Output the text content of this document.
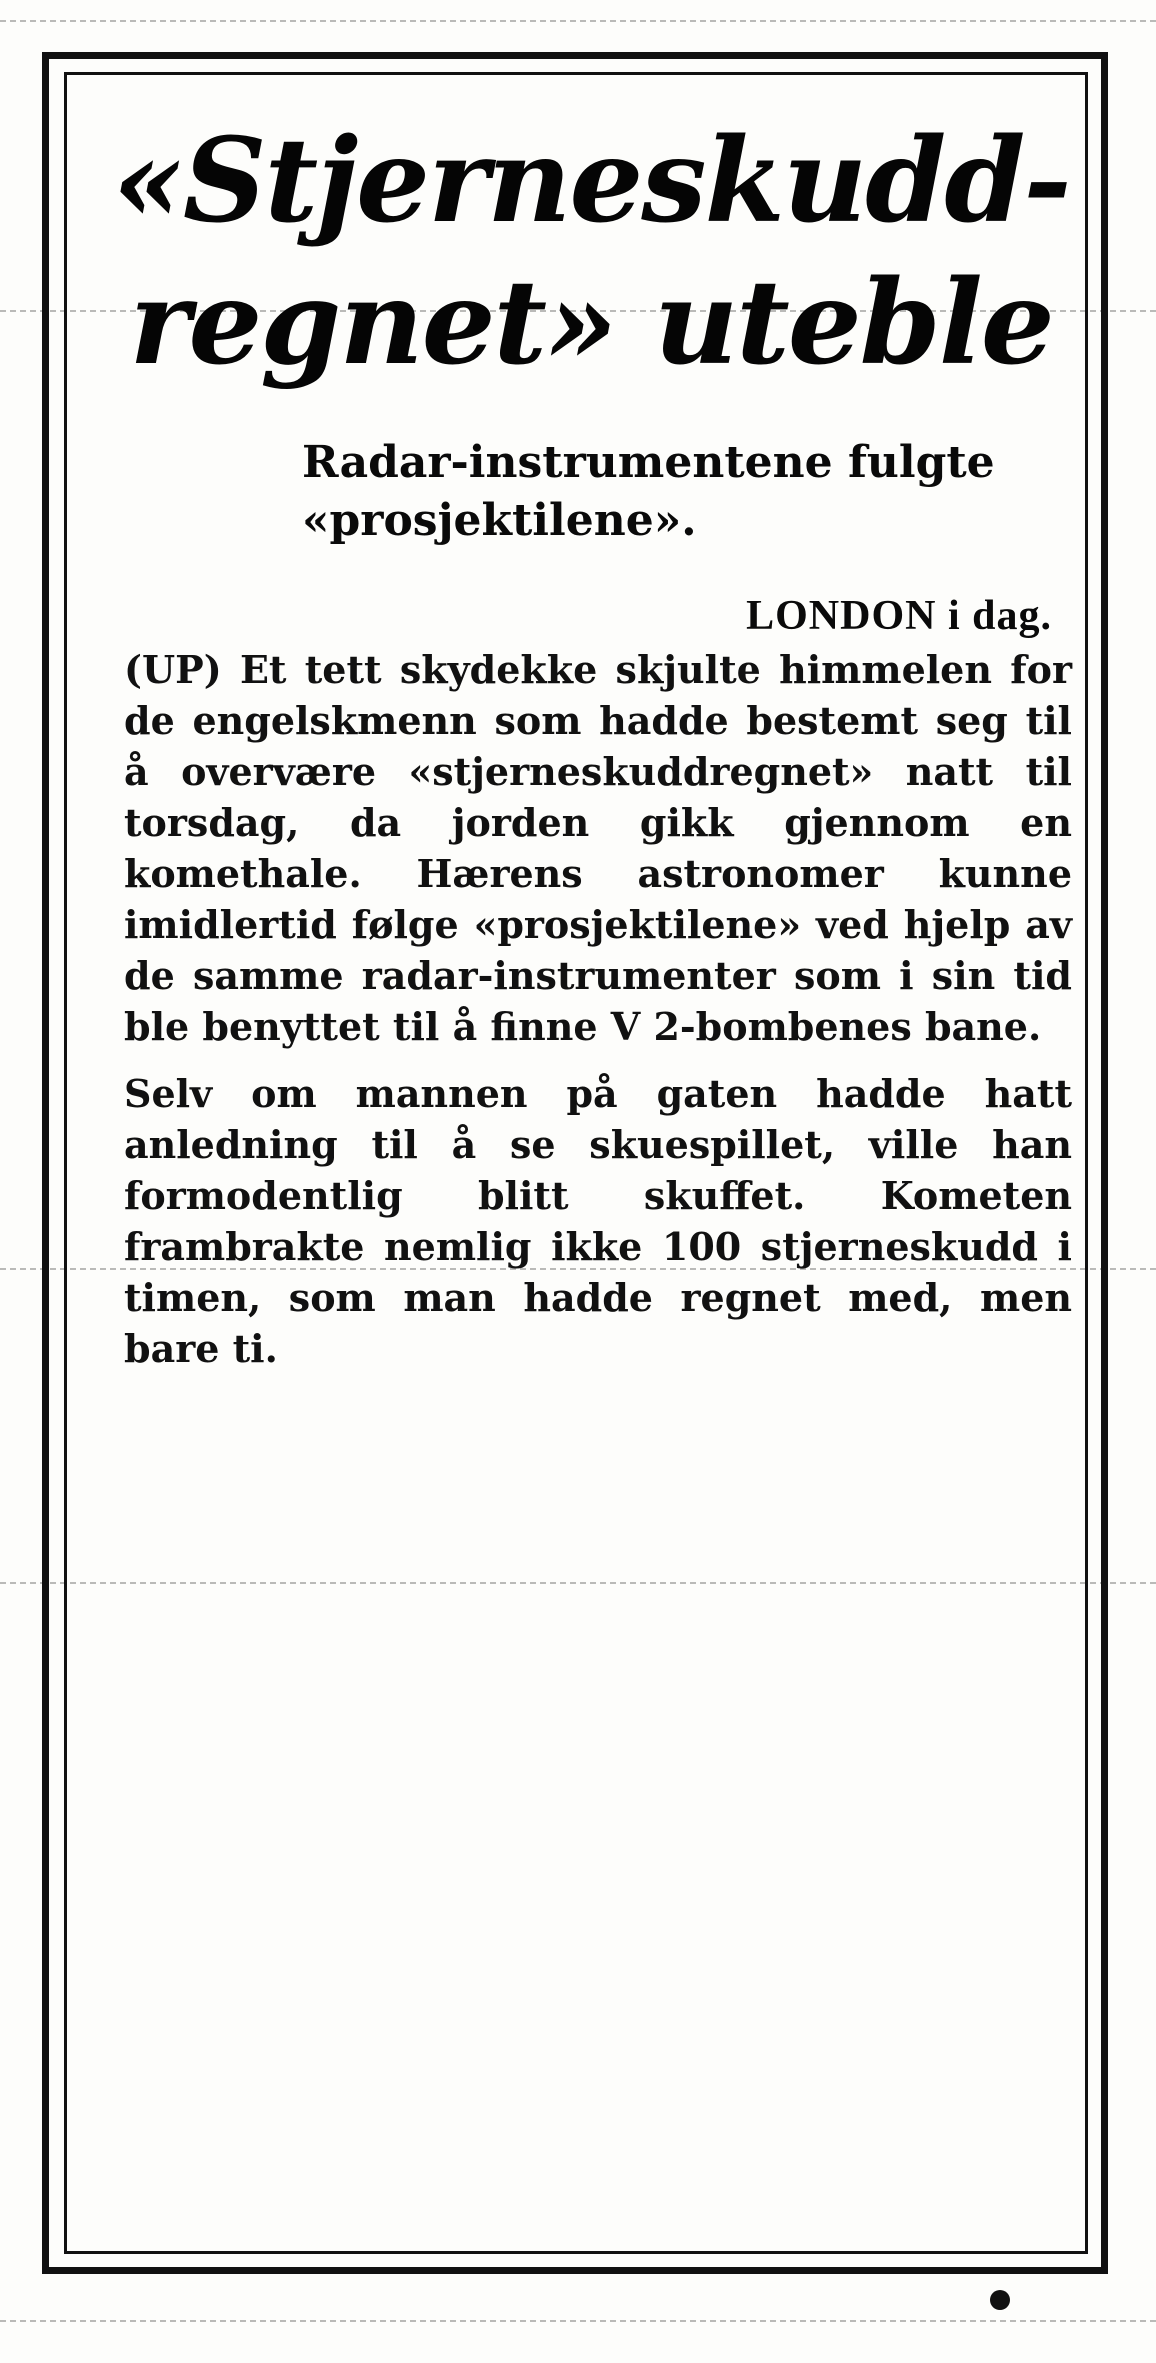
«Stjerneskudd-regnet» uteble
Radar-instrumentene fulgte «prosjektilene».
LONDON i dag.

(UP) Et tett skydekke skjulte himmelen for de engelskmenn som hadde bestemt seg til å overvære «stjerneskuddregnet» natt til torsdag, da jorden gikk gjennom en komethale. Hærens astronomer kunne imidlertid følge «prosjektilene» ved hjelp av de samme radar-instrumenter som i sin tid ble benyttet til å finne V 2-bombenes bane.

Selv om mannen på gaten hadde hatt anledning til å se skuespillet, ville han formodentlig blitt skuffet. Kometen frambrakte nemlig ikke 100 stjerneskudd i timen, som man hadde regnet med, men bare ti.
